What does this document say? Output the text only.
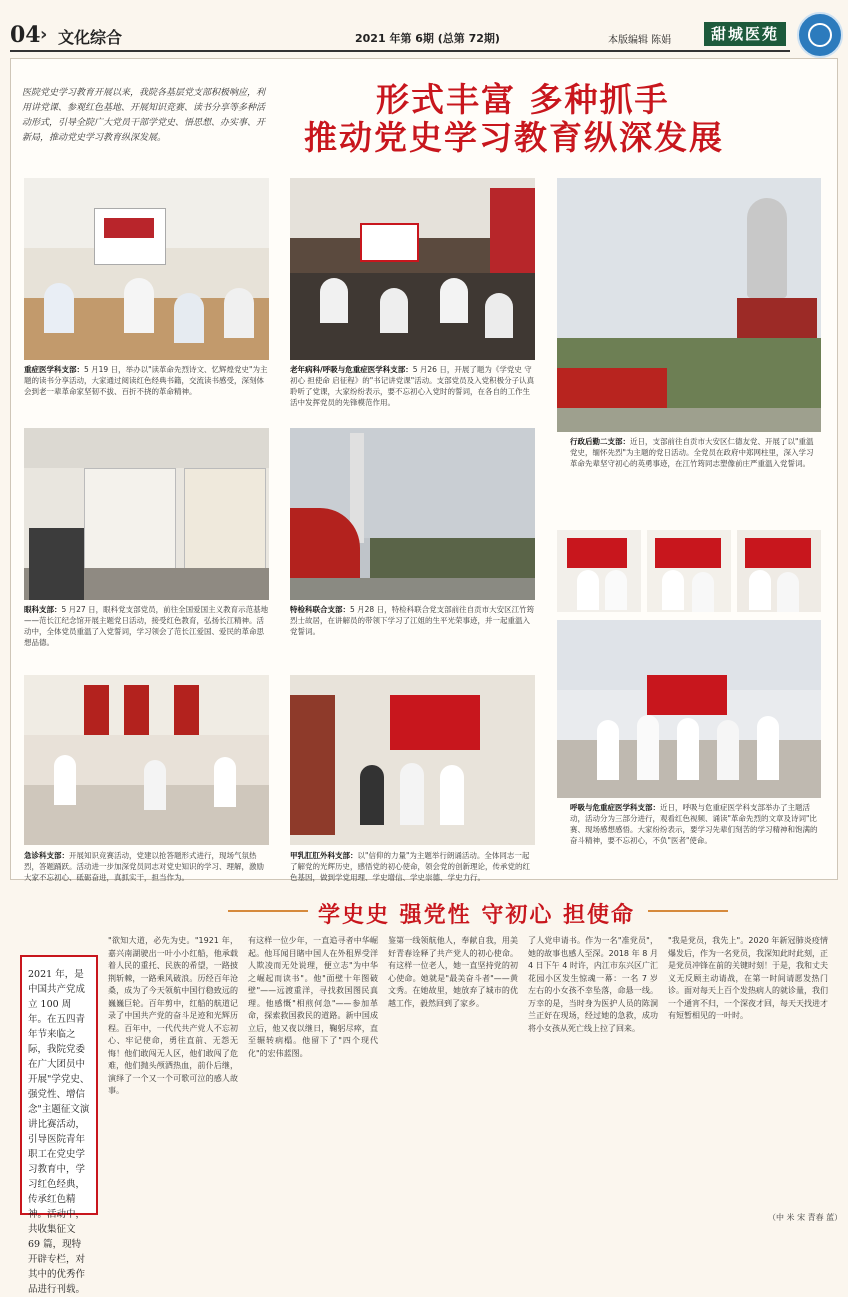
04 › 文化综合	2021 年第 6期 (总第 72期)	本版编辑 陈娟	甜城医苑
医院党史学习教育开展以来，我院各基层党支部积极响应，利用讲党课、参观红色基地、开展知识竞赛、读书分享等多种活动形式，引导全院广大党员干部学党史、悟思想、办实事、开新局，推动党史学习教育纵深发展。
形式丰富 多种抓手
推动党史学习教育纵深发展
重症医学科支部：5 月19 日，举办以"读革命先烈诗文、忆辉煌党史"为主题的读书分享活动，大家通过阅读红色经典书籍，交流读书感受，深刻体会到老一辈革命家坚韧不拔、百折不挠的革命精神。
老年病科/呼吸与危重症医学科支部：5 月26 日，开展了题为《学党史 守初心 担使命 启征程》的"书记讲党课"活动。支部党员及入党积极分子认真聆听了党课，大家纷纷表示，要不忘初心入党时的誓词，在各自的工作生活中发挥党员的先锋模范作用。
行政后勤二支部：近日，支部前往自贡市大安区仁德友党、开展了以"重温党史，缅怀先烈"为主题的党日活动。全党员在政府中郑网柱里，深入学习革命先辈坚守初心的英勇事迹，在江竹筠同志塑像前庄严重温入党誓词。
眼科支部：5 月27 日，眼科党支部党员，前往全国爱国主义教育示范基地——范长江纪念馆开展主题党日活动，接受红色教育，弘扬长江精神。活动中，全体党员重温了入党誓词，学习领会了范长江爱国、爱民的革命思想品德。
特检科联合支部：5 月28 日，特检科联合党支部前往自贡市大安区江竹筠烈士故居，在讲解员的带领下学习了江姐的生平光荣事迹，并一起重温入党誓词。
呼吸与危重症医学科支部：近日，呼吸与危重症医学科支部举办了主题活动，活动分为三部分进行，观看红色视频、诵读"革命先烈的文章及诗词"比赛、现场感想感悟。大家纷纷表示，要学习先辈们刻苦的学习精神和饱满的奋斗精神，要不忘初心，不负"医者"使命。
急诊科支部：开展知识竞赛活动，党建以抢答题形式进行，现场气氛热烈，答题踊跃。活动进一步加深党员同志对党史知识的学习、理解，激励大家不忘初心、砥砺奋进，真抓实干，担当作为。
甲乳肛肛外科支部：以"信仰的力量"为主题举行朗诵活动。全体同志一起了解党的光辉历史，感悟党的初心使命，领会党的创新理论，传承党的红色基因，做到学党用理、学史增信、学史崇德、学史力行。
学史史 强党性 守初心 担使命
2021 年，是中国共产党成立 100 周年。在五四青年节来临之际，我院党委在广大团员中开展"学党史、强党性、增信念"主题征文演讲比赛活动，引导医院青年职工在党史学习教育中，学习红色经典，传承红色精神。活动中，共收集征文 69 篇，现特开辟专栏，对其中的优秀作品进行刊载。
"欲知大道，必先为史。"1921 年，嘉兴南湖驶出一叶小小红船，他承载着人民的重托、民族的希望，一路披荆斩棘，一路乘风破浪。历经百年沧桑，成为了今天领航中国行稳致远的巍巍巨轮。百年剪中，红船的航道记录了中国共产党的奋斗足迹和光辉历程。百年中，一代代共产党人不忘初心、牢记使命，勇往直前、无怨无悔！他们敢闯无人区，他们敢闯了危难，他们抛头颅洒热血，前仆后继，演绎了一个又一个可歌可泣的感人故事。
有这样一位少年，一直追寻者中华崛起。他耳闻目睹中国人在外租界受洋人欺凌而无处说理，便立志"为中华之崛起而读书"。他"面壁十年图破壁"——远渡重洋，寻找救国图民真理。他感慨"相煎何急"——参加革命，探索救国救民的道路。新中国成立后，他又夜以继日，鞠躬尽瘁，直至辗转病榻。他留下了"四个现代化"的宏伟蓝图。
鉴第一线领航他人，奉献自我，用美好青春诠释了共产党人的初心使命。有这样一位老人，她一直坚持党的初心使命。她就是"最美奋斗者"——黄文秀。在她故里，她放弃了城市的优越工作，毅然回到了家乡。
了人党申请书。作为一名"准党员"，她的故事也感人至深。2018 年 8 月 4 日下午 4 时许，内江市东兴区广汇花园小区发生惊魂一幕：一名 7 岁左右的小女孩不幸坠落，命悬一线。万幸的是，当时身为医护人员的陈洞兰正好在现场，经过她的急救，成功将小女孩从死亡线上拉了回来。
"我是党员，我先上"。2020 年新冠肺炎疫情爆发后，作为一名党员，我深知此时此刻，正是党员冲锋在前的关键时刻！于是，我和丈夫义无反顾主动请战，在第一时间请愿发热门诊。面对每天上百个发热病人的就诊量，我们一个通宵不归，一个深夜才回，每天天找进才有短暂相见的一叶时。
（中 米 宋 青春 蓝）
